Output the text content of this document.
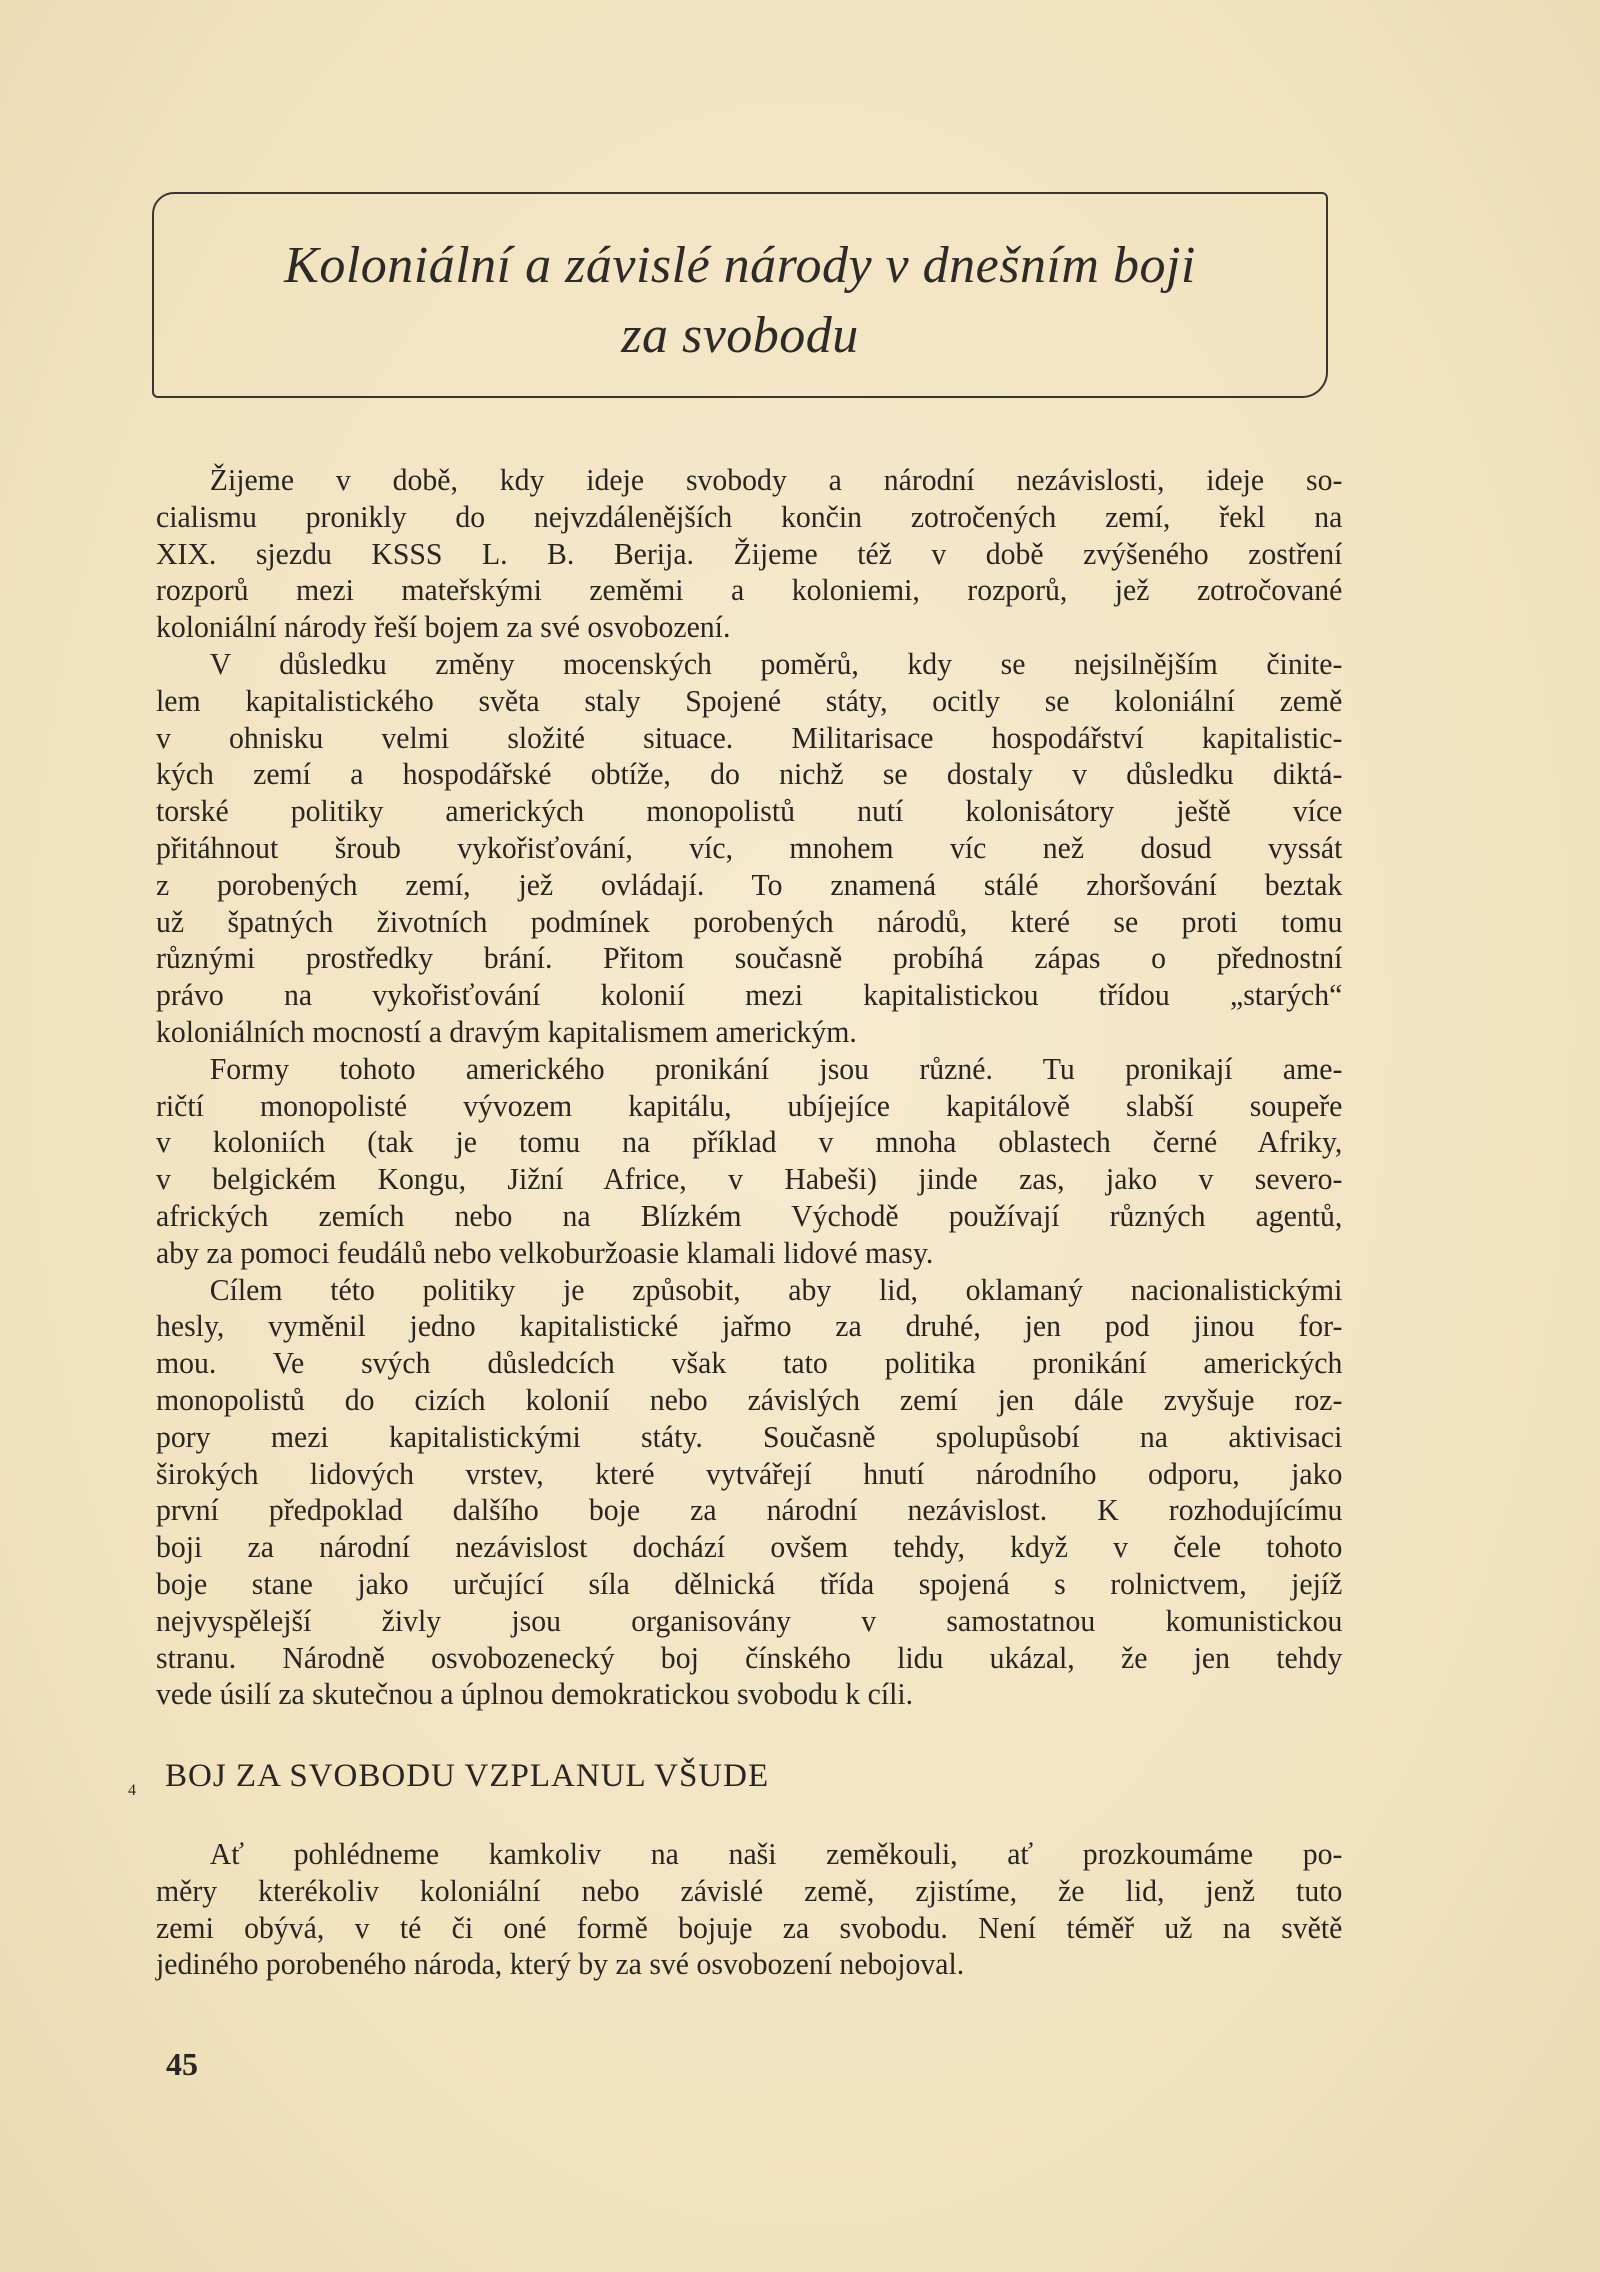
Koloniální a závislé národy v dnešním boji
za svobodu
Žijeme v době, kdy ideje svobody a národní nezávislosti, ideje so-
cialismu pronikly do nejvzdálenějších končin zotročených zemí, řekl na
XIX. sjezdu KSSS L. B. Berija. Žijeme též v době zvýšeného zostření
rozporů mezi mateřskými zeměmi a koloniemi, rozporů, jež zotročované
koloniální národy řeší bojem za své osvobození.
V důsledku změny mocenských poměrů, kdy se nejsilnějším činite-
lem kapitalistického světa staly Spojené státy, ocitly se koloniální země
v ohnisku velmi složité situace. Militarisace hospodářství kapitalistic-
kých zemí a hospodářské obtíže, do nichž se dostaly v důsledku diktá-
torské politiky amerických monopolistů nutí kolonisátory ještě více
přitáhnout šroub vykořisťování, víc, mnohem víc než dosud vyssát
z porobených zemí, jež ovládají. To znamená stálé zhoršování beztak
už špatných životních podmínek porobených národů, které se proti tomu
různými prostředky brání. Přitom současně probíhá zápas o přednostní
právo na vykořisťování kolonií mezi kapitalistickou třídou „starých“
koloniálních mocností a dravým kapitalismem americkým.
Formy tohoto amerického pronikání jsou různé. Tu pronikají ame-
ričtí monopolisté vývozem kapitálu, ubíjejíce kapitálově slabší soupeře
v koloniích (tak je tomu na příklad v mnoha oblastech černé Afriky,
v belgickém Kongu, Jižní Africe, v Habeši) jinde zas, jako v severo-
afrických zemích nebo na Blízkém Východě používají různých agentů,
aby za pomoci feudálů nebo velkoburžoasie klamali lidové masy.
Cílem této politiky je způsobit, aby lid, oklamaný nacionalistickými
hesly, vyměnil jedno kapitalistické jařmo za druhé, jen pod jinou for-
mou. Ve svých důsledcích však tato politika pronikání amerických
monopolistů do cizích kolonií nebo závislých zemí jen dále zvyšuje roz-
pory mezi kapitalistickými státy. Současně spolupůsobí na aktivisaci
širokých lidových vrstev, které vytvářejí hnutí národního odporu, jako
první předpoklad dalšího boje za národní nezávislost. K rozhodujícímu
boji za národní nezávislost dochází ovšem tehdy, když v čele tohoto
boje stane jako určující síla dělnická třída spojená s rolnictvem, jejíž
nejvyspělejší živly jsou organisovány v samostatnou komunistickou
stranu. Národně osvobozenecký boj čínského lidu ukázal, že jen tehdy
vede úsilí za skutečnou a úplnou demokratickou svobodu k cíli.
4 BOJ ZA SVOBODU VZPLANUL VŠUDE
Ať pohlédneme kamkoliv na naši zeměkouli, ať prozkoumáme po-
měry kterékoliv koloniální nebo závislé země, zjistíme, že lid, jenž tuto
zemi obývá, v té či oné formě bojuje za svobodu. Není téměř už na světě
jediného porobeného národa, který by za své osvobození nebojoval.
45
